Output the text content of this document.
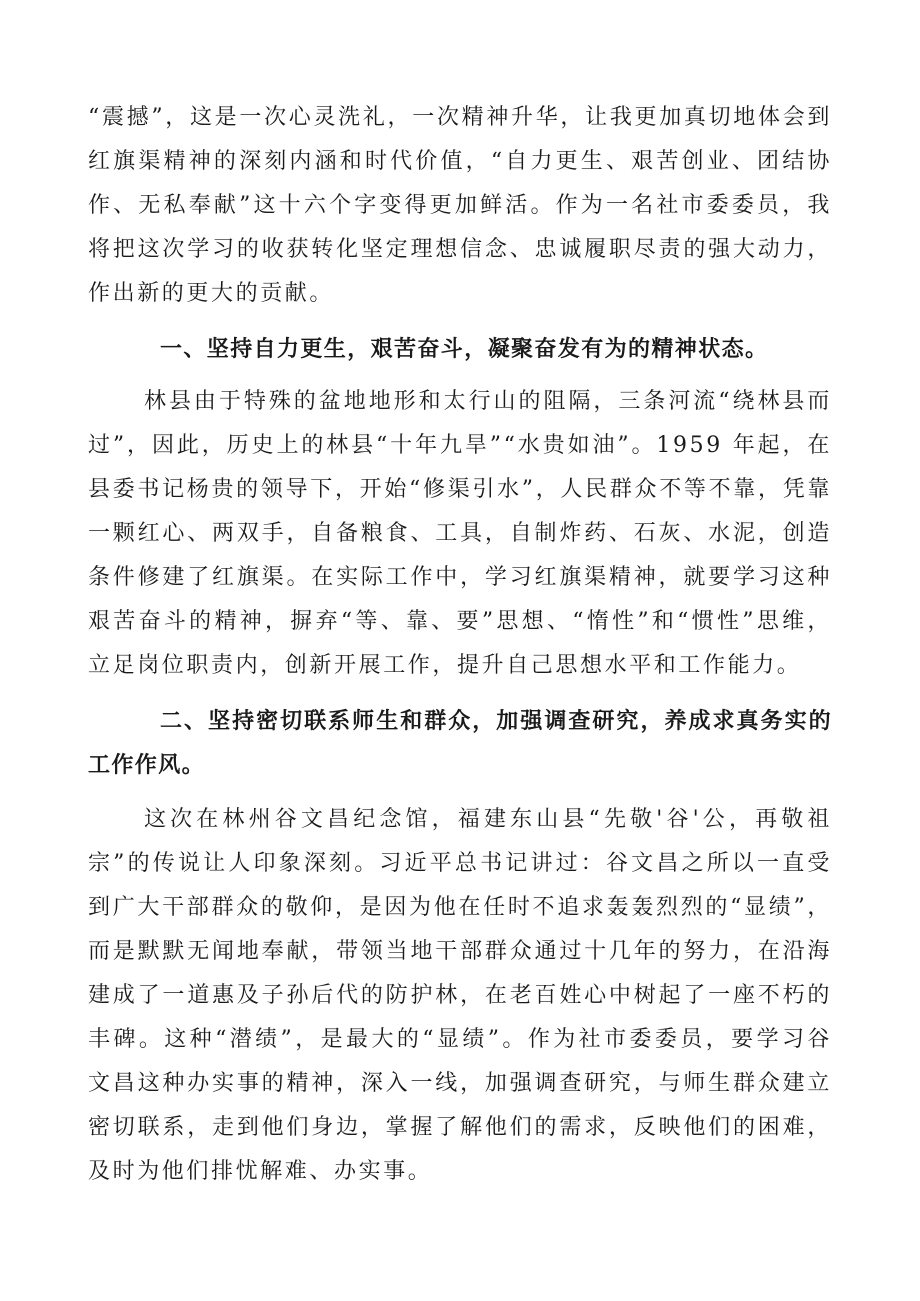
“震撼”，这是一次心灵洗礼，一次精神升华，让我更加真切地体会到红旗渠精神的深刻内涵和时代价值，“自力更生、艰苦创业、团结协作、无私奉献”这十六个字变得更加鲜活。作为一名社市委委员，我将把这次学习的收获转化坚定理想信念、忠诚履职尽责的强大动力，作出新的更大的贡献。

一、坚持自力更生，艰苦奋斗，凝聚奋发有为的精神状态。

林县由于特殊的盆地地形和太行山的阻隔，三条河流“绕林县而过”，因此，历史上的林县“十年九旱”“水贵如油”。1959 年起，在县委书记杨贵的领导下，开始“修渠引水”，人民群众不等不靠，凭靠一颗红心、两双手，自备粮食、工具，自制炸药、石灰、水泥，创造条件修建了红旗渠。在实际工作中，学习红旗渠精神，就要学习这种艰苦奋斗的精神，摒弃“等、靠、要”思想、“惰性”和“惯性”思维，立足岗位职责内，创新开展工作，提升自己思想水平和工作能力。

二、坚持密切联系师生和群众，加强调查研究，养成求真务实的工作作风。

这次在林州谷文昌纪念馆，福建东山县“先敬'谷'公，再敬祖宗”的传说让人印象深刻。习近平总书记讲过：谷文昌之所以一直受到广大干部群众的敬仰，是因为他在任时不追求轰轰烈烈的“显绩”，而是默默无闻地奉献，带领当地干部群众通过十几年的努力，在沿海建成了一道惠及子孙后代的防护林，在老百姓心中树起了一座不朽的丰碑。这种“潜绩”，是最大的“显绩”。作为社市委委员，要学习谷文昌这种办实事的精神，深入一线，加强调查研究，与师生群众建立密切联系，走到他们身边，掌握了解他们的需求，反映他们的困难，及时为他们排忧解难、办实事。
